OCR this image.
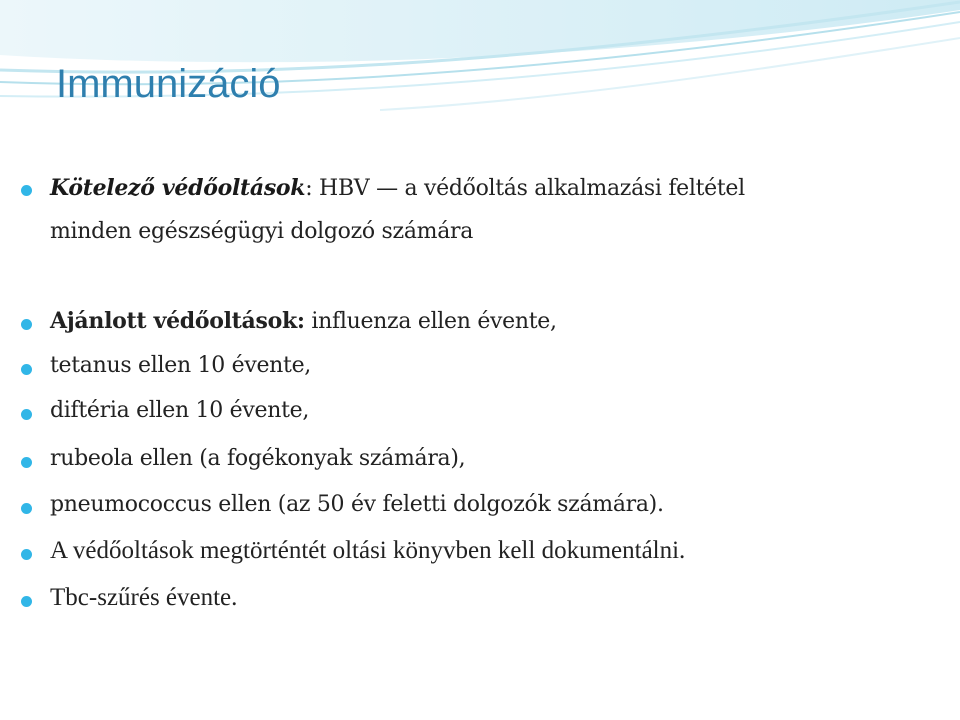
Immunizáció
Kötelező védőoltások: HBV — a védőoltás alkalmazási feltétel
minden egészségügyi dolgozó számára
Ajánlott védőoltások: influenza ellen évente,
tetanus ellen 10 évente,
diftéria ellen 10 évente,
rubeola ellen (a fogékonyak számára),
pneumococcus ellen (az 50 év feletti dolgozók számára).
A védőoltások megtörténtét oltási könyvben kell dokumentálni.
Tbc-szűrés évente.
